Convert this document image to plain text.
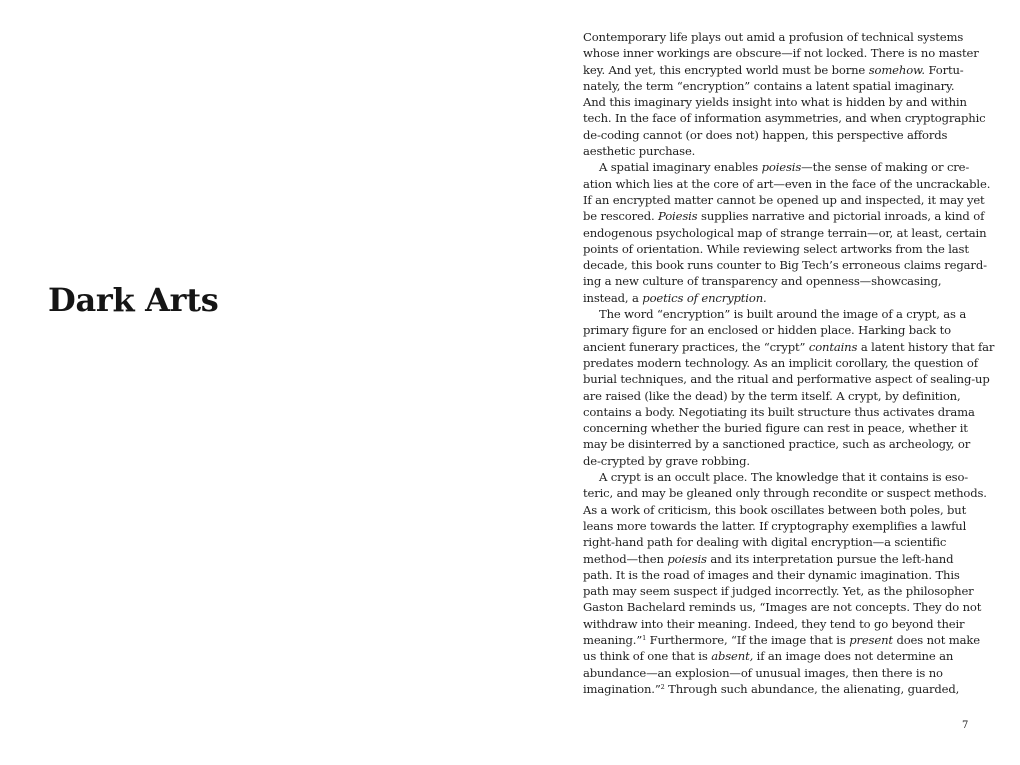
Dark Arts
Contemporary life plays out amid a profusion of technical systems
whose inner workings are obscure—if not locked. There is no master
key. And yet, this encrypted world must be borne somehow. Fortu-
nately, the term “encryption” contains a latent spatial imaginary.
And this imaginary yields insight into what is hidden by and within
tech. In the face of information asymmetries, and when cryptographic
de-coding cannot (or does not) happen, this perspective affords
aesthetic purchase.
A spatial imaginary enables poiesis—the sense of making or cre-
ation which lies at the core of art—even in the face of the uncrackable.
If an encrypted matter cannot be opened up and inspected, it may yet
be rescored. Poiesis supplies narrative and pictorial inroads, a kind of
endogenous psychological map of strange terrain—or, at least, certain
points of orientation. While reviewing select artworks from the last
decade, this book runs counter to Big Tech’s erroneous claims regard-
ing a new culture of transparency and openness—showcasing,
instead, a poetics of encryption.
The word “encryption” is built around the image of a crypt, as a
primary figure for an enclosed or hidden place. Harking back to
ancient funerary practices, the “crypt” contains a latent history that far
predates modern technology. As an implicit corollary, the question of
burial techniques, and the ritual and performative aspect of sealing-up
are raised (like the dead) by the term itself. A crypt, by definition,
contains a body. Negotiating its built structure thus activates drama
concerning whether the buried figure can rest in peace, whether it
may be disinterred by a sanctioned practice, such as archeology, or
de-crypted by grave robbing.
A crypt is an occult place. The knowledge that it contains is eso-
teric, and may be gleaned only through recondite or suspect methods.
As a work of criticism, this book oscillates between both poles, but
leans more towards the latter. If cryptography exemplifies a lawful
right-hand path for dealing with digital encryption—a scientific
method—then poiesis and its interpretation pursue the left-hand
path. It is the road of images and their dynamic imagination. This
path may seem suspect if judged incorrectly. Yet, as the philosopher
Gaston Bachelard reminds us, “Images are not concepts. They do not
withdraw into their meaning. Indeed, they tend to go beyond their
meaning.”$^1$ Furthermore, “If the image that is present does not make
us think of one that is absent, if an image does not determine an
abundance—an explosion—of unusual images, then there is no
imagination.”$^2$ Through such abundance, the alienating, guarded,
7
